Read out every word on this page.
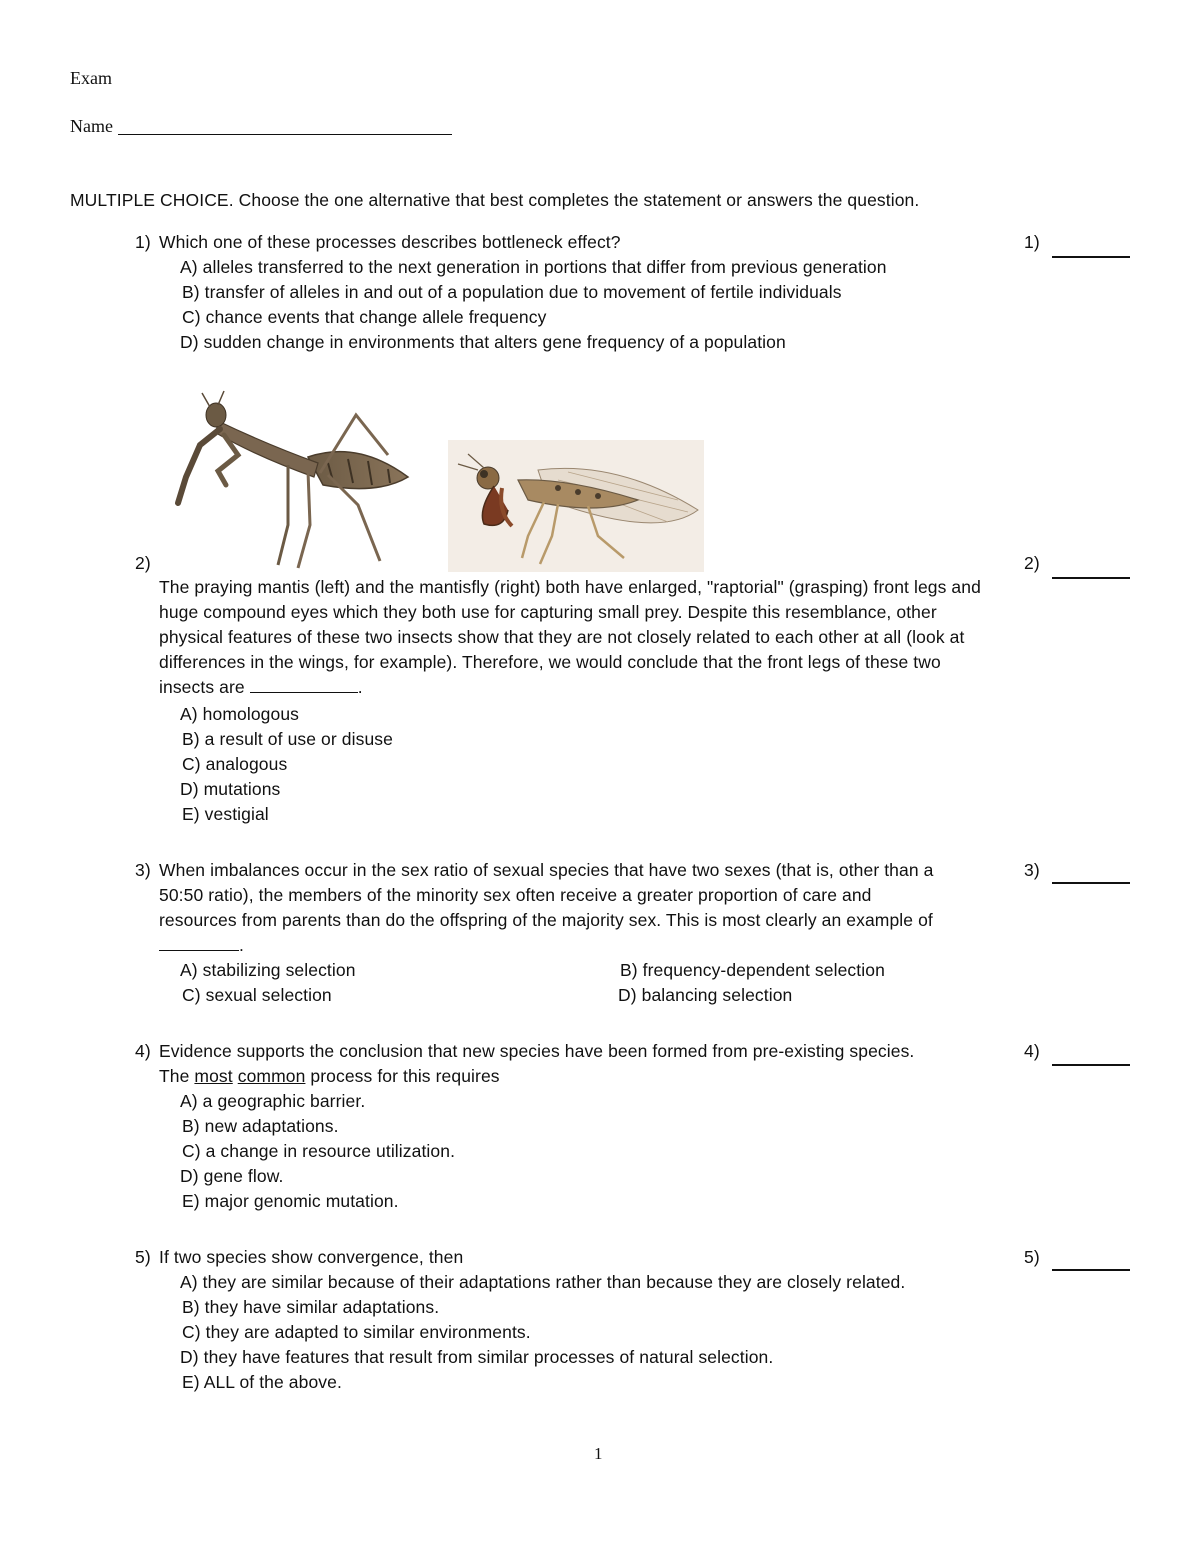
Exam
Name
MULTIPLE CHOICE. Choose the one alternative that best completes the statement or answers the question.
1) Which one of these processes describes bottleneck effect?
A) alleles transferred to the next generation in portions that differ from previous generation
B) transfer of alleles in and out of a population due to movement of fertile individuals
C) chance events that change allele frequency
D) sudden change in environments that alters gene frequency of a population
1)
2)
The praying mantis (left) and the mantisfly (right) both have enlarged, "raptorial" (grasping) front legs and
huge compound eyes which they both use for capturing small prey. Despite this resemblance, other
physical features of these two insects show that they are not closely related to each other at all (look at
differences in the wings, for example). Therefore, we would conclude that the front legs of these two
insects are	.
A) homologous
B) a result of use or disuse
C) analogous
D) mutations
E) vestigial
2)
3) When imbalances occur in the sex ratio of sexual species that have two sexes (that is, other than a
50:50 ratio), the members of the minority sex often receive a greater proportion of care and
resources from parents than do the offspring of the majority sex. This is most clearly an example of
.
A) stabilizing selection	B) frequency-dependent selection
C) sexual selection	D) balancing selection
3)
4) Evidence supports the conclusion that new species have been formed from pre-existing species.
The most common process for this requires
A) a geographic barrier.
B) new adaptations.
C) a change in resource utilization.
D) gene flow.
E) major genomic mutation.
4)
5) If two species show convergence, then
A) they are similar because of their adaptations rather than because they are closely related.
B) they have similar adaptations.
C) they are adapted to similar environments.
D) they have features that result from similar processes of natural selection.
E) ALL of the above.
5)
1
